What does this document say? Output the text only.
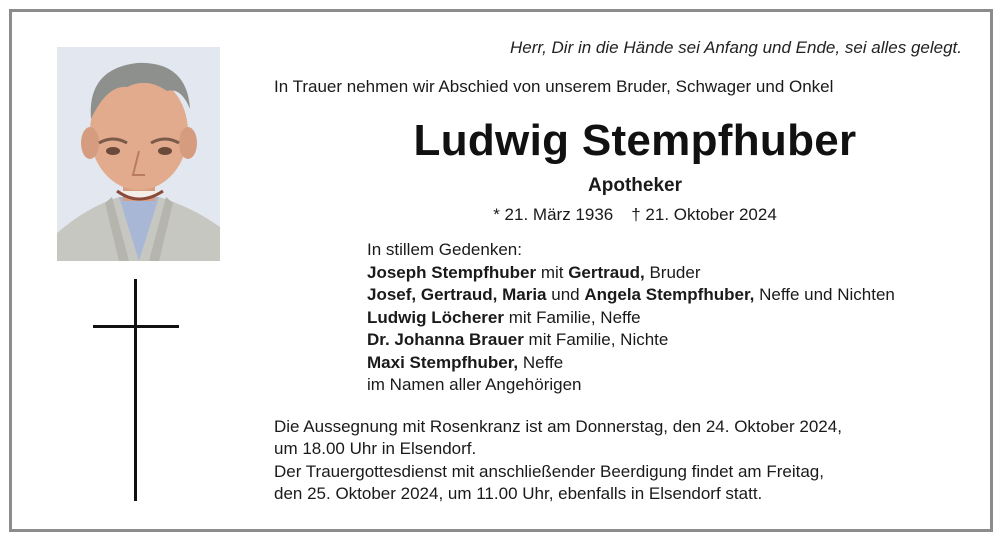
Herr, Dir in die Hände sei Anfang und Ende, sei alles gelegt.
In Trauer nehmen wir Abschied von unserem Bruder, Schwager und Onkel
Ludwig Stempfhuber
Apotheker
* 21. März 1936 † 21. Oktober 2024
In stillem Gedenken:
Joseph Stempfhuber mit Gertraud, Bruder
Josef, Gertraud, Maria und Angela Stempfhuber, Neffe und Nichten
Ludwig Löcherer mit Familie, Neffe
Dr. Johanna Brauer mit Familie, Nichte
Maxi Stempfhuber, Neffe
im Namen aller Angehörigen
Die Aussegnung mit Rosenkranz ist am Donnerstag, den 24. Oktober 2024,
um 18.00 Uhr in Elsendorf.
Der Trauergottesdienst mit anschließender Beerdigung findet am Freitag,
den 25. Oktober 2024, um 11.00 Uhr, ebenfalls in Elsendorf statt.
